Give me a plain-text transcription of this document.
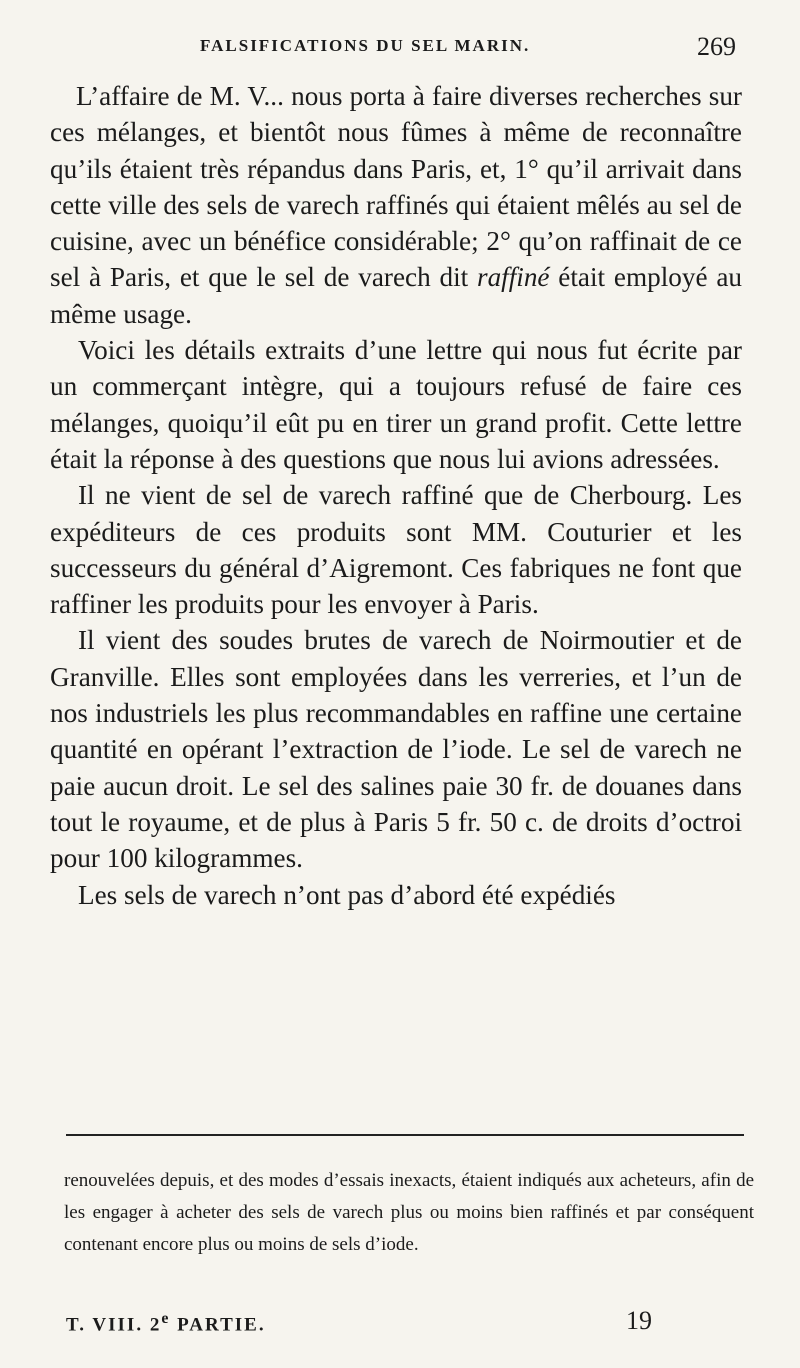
FALSIFICATIONS DU SEL MARIN.	269

L’affaire de M. V... nous porta à faire diverses recherches sur ces mélanges, et bientôt nous fûmes à même de reconnaître qu’ils étaient très répandus dans Paris, et, 1° qu’il arrivait dans cette ville des sels de varech raffinés qui étaient mêlés au sel de cuisine, avec un bénéfice considérable; 2° qu’on raffinait de ce sel à Paris, et que le sel de varech dit raffiné était employé au même usage.

Voici les détails extraits d’une lettre qui nous fut écrite par un commerçant intègre, qui a toujours refusé de faire ces mélanges, quoiqu’il eût pu en tirer un grand profit. Cette lettre était la réponse à des questions que nous lui avions adressées.

Il ne vient de sel de varech raffiné que de Cherbourg. Les expéditeurs de ces produits sont MM. Couturier et les successeurs du général d’Aigremont. Ces fabriques ne font que raffiner les produits pour les envoyer à Paris.

Il vient des soudes brutes de varech de Noirmoutier et de Granville. Elles sont employées dans les verreries, et l’un de nos industriels les plus recommandables en raffine une certaine quantité en opérant l’extraction de l’iode. Le sel de varech ne paie aucun droit. Le sel des salines paie 30 fr. de douanes dans tout le royaume, et de plus à Paris 5 fr. 50 c. de droits d’octroi pour 100 kilogrammes.

Les sels de varech n’ont pas d’abord été expédiés

renouvelées depuis, et des modes d’essais inexacts, étaient indiqués aux acheteurs, afin de les engager à acheter des sels de varech plus ou moins bien raffinés et par conséquent contenant encore plus ou moins de sels d’iode.

T. VIII. 2e PARTIE.	19
